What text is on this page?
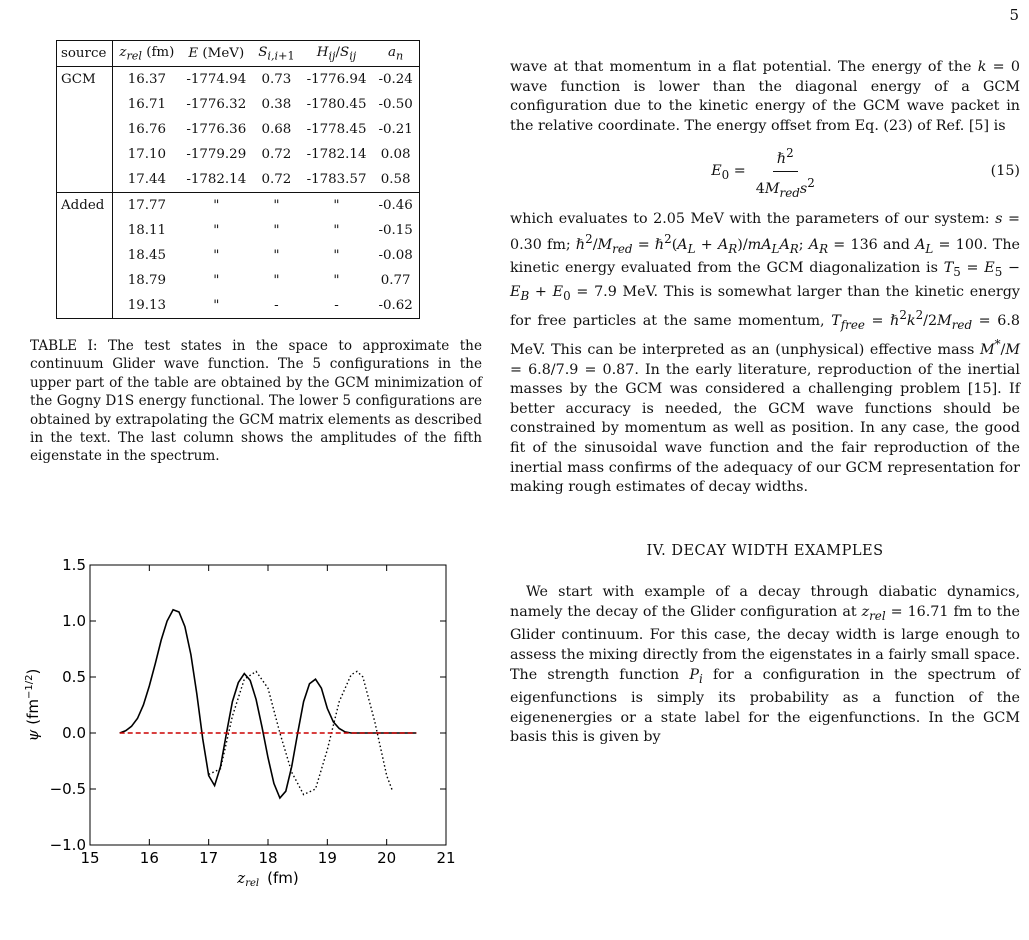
5
source	$z_{rel}$ (fm)	E (MeV)	$S_{i,i+1}$	$H_{ij}/S_{ij}$	$a_n$
GCM	16.37	-1774.94	0.73	-1776.94	-0.24
	16.71	-1776.32	0.38	-1780.45	-0.50
	16.76	-1776.36	0.68	-1778.45	-0.21
	17.10	-1779.29	0.72	-1782.14	0.08
	17.44	-1782.14	0.72	-1783.57	0.58
Added	17.77	"	"	"	-0.46
	18.11	"	"	"	-0.15
	18.45	"	"	"	-0.08
	18.79	"	"	"	0.77
	19.13	"	-	-	-0.62
TABLE I: The test states in the space to approximate the continuum Glider wave function. The 5 configurations in the upper part of the table are obtained by the GCM minimization of the Gogny D1S energy functional. The lower 5 configurations are obtained by extrapolating the GCM matrix elements as described in the text. The last column shows the amplitudes of the fifth eigenstate in the spectrum.
15	16	17	18	19	20	21
−1.0
−0.5
0.0
0.5
1.0
1.5
$z_{rel}$ (fm)
ψ $(fm^{-1/2})$

wave at that momentum in a flat potential. The energy of the k = 0 wave function is lower than the diagonal energy of a GCM configuration due to the kinetic energy of the GCM wave packet in the relative coordinate. The energy offset from Eq. (23) of Ref. [5] is

$E_0 = \frac{\hbar^2}{4M_{red}s^2}$	(15)

which evaluates to 2.05 MeV with the parameters of our system: s = 0.30 fm; $\hbar^2/M_{red}$ = $\hbar^2(A_L + A_R)/mA_LA_R$; $A_R = 136$ and $A_L = 100$. The kinetic energy evaluated from the GCM diagonalization is $T_5 = E_5 - E_B + E_0 = 7.9$ MeV. This is somewhat larger than the kinetic energy for free particles at the same momentum, $T_{free}$ = $\hbar^2k^2/2M_{red} = 6.8$ MeV. This can be interpreted as an (unphysical) effective mass M*/M = 6.8/7.9 = 0.87. In the early literature, reproduction of the inertial masses by the GCM was considered a challenging problem [15]. If better accuracy is needed, the GCM wave functions should be constrained by momentum as well as position. In any case, the good fit of the sinusoidal wave function and the fair reproduction of the inertial mass confirms of the adequacy of our GCM representation for making rough estimates of decay widths.

IV. DECAY WIDTH EXAMPLES

We start with example of a decay through diabatic dynamics, namely the decay of the Glider configuration at $z_{rel} = 16.71$ fm to the Glider continuum. For this case, the decay width is large enough to assess the mixing directly from the eigenstates in a fairly small space. The strength function $P_i$ for a configuration in the spectrum of eigenfunctions is simply its probability as a function of the eigenenergies or a state label for the eigenfunctions. In the GCM basis this is given by
